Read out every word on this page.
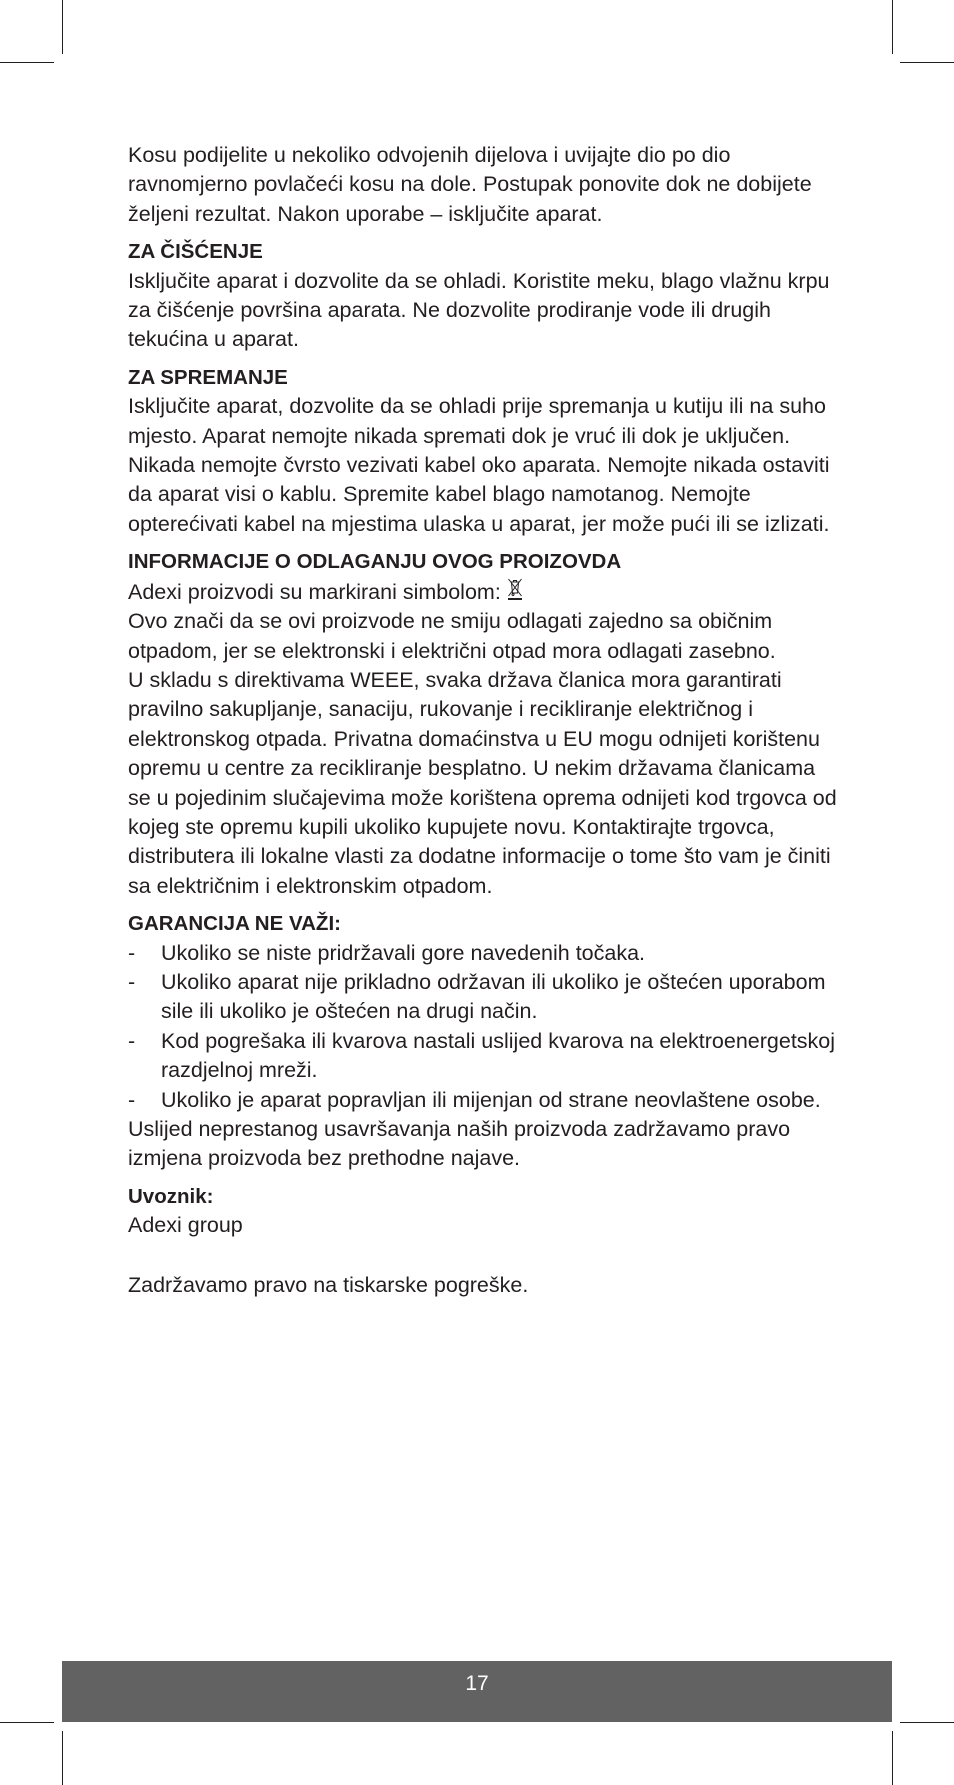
Kosu podijelite u nekoliko odvojenih dijelova i uvijajte dio po dio ravnomjerno povlačeći kosu na dole. Postupak ponovite dok ne dobijete željeni rezultat. Nakon uporabe – isključite aparat.

ZA ČIŠĆENJE

Isključite aparat i dozvolite da se ohladi. Koristite meku, blago vlažnu krpu za čišćenje površina aparata. Ne dozvolite prodiranje vode ili drugih tekućina u aparat.

ZA SPREMANJE

Isključite aparat, dozvolite da se ohladi prije spremanja u kutiju ili na suho mjesto. Aparat nemojte nikada spremati dok je vruć ili dok je uključen.

Nikada nemojte čvrsto vezivati kabel oko aparata. Nemojte nikada ostaviti da aparat visi o kablu. Spremite kabel blago namotanog. Nemojte opterećivati kabel na mjestima ulaska u aparat, jer može pući ili se izlizati.

INFORMACIJE O ODLAGANJU OVOG PROIZOVDA

Adexi proizvodi su markirani simbolom:

Ovo znači da se ovi proizvode ne smiju odlagati zajedno sa običnim otpadom, jer se elektronski i električni otpad mora odlagati zasebno.

U skladu s direktivama WEEE, svaka država članica mora garantirati pravilno sakupljanje, sanaciju, rukovanje i recikliranje električnog i elektronskog otpada. Privatna domaćinstva u EU mogu odnijeti korištenu opremu u centre za recikliranje besplatno. U nekim državama članicama se u pojedinim slučajevima može korištena oprema odnijeti kod trgovca od kojeg ste opremu kupili ukoliko kupujete novu. Kontaktirajte trgovca, distributera ili lokalne vlasti za dodatne informacije o tome što vam je činiti sa električnim i elektronskim otpadom.

GARANCIJA NE VAŽI:
- Ukoliko se niste pridržavali gore navedenih točaka.
- Ukoliko aparat nije prikladno održavan ili ukoliko je oštećen uporabom sile ili ukoliko je oštećen na drugi način.
- Kod pogrešaka ili kvarova nastali uslijed kvarova na elektroenergetskoj razdjelnoj mreži.
- Ukoliko je aparat popravljan ili mijenjan od strane neovlaštene osobe.

Uslijed neprestanog usavršavanja naših proizvoda zadržavamo pravo izmjena proizvoda bez prethodne najave.

Uvoznik:

Adexi group

Zadržavamo pravo na tiskarske pogreške.

17
